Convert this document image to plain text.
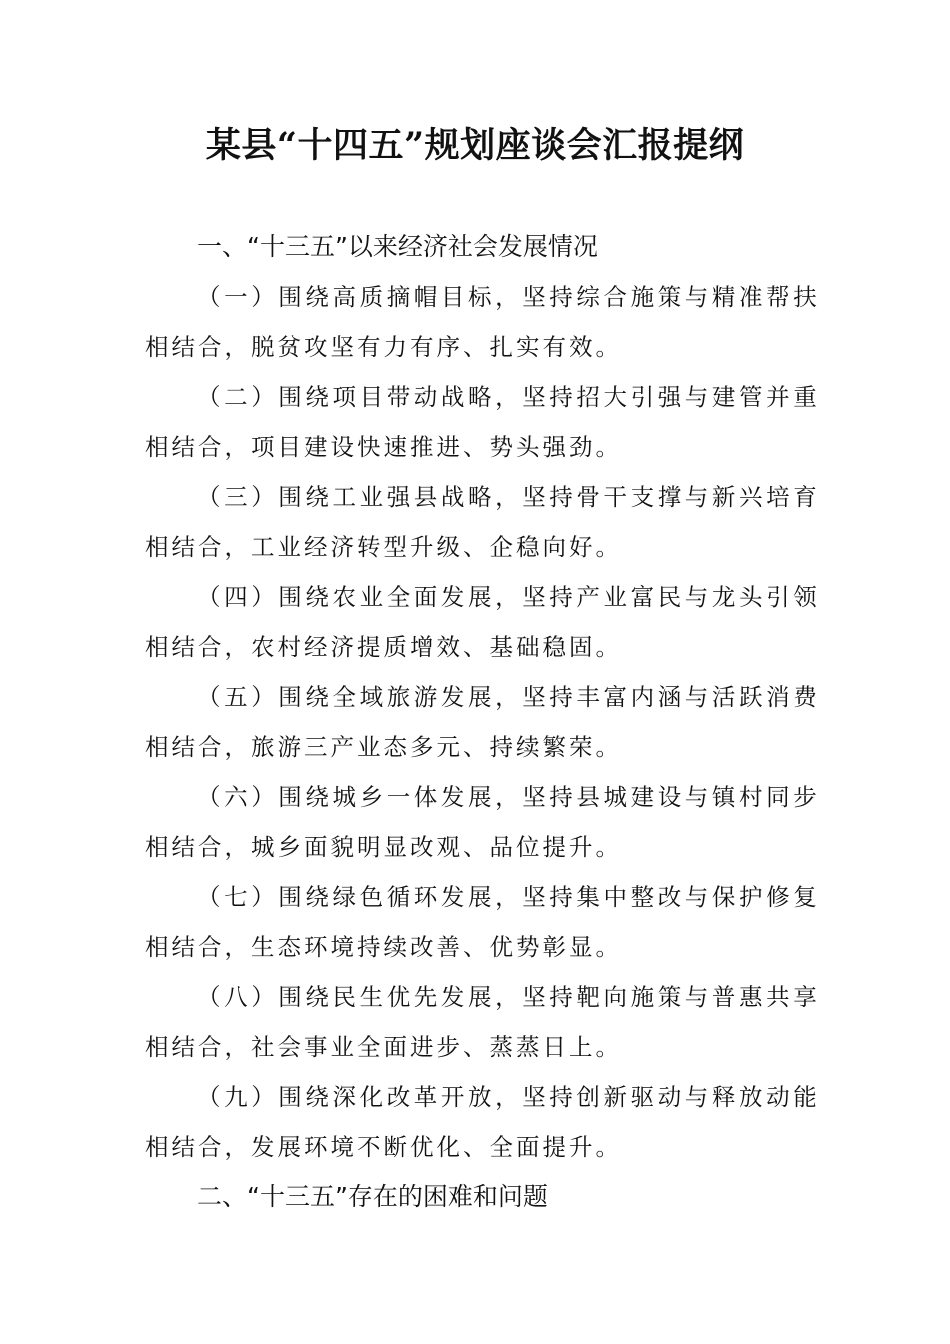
某县“十四五”规划座谈会汇报提纲
一、“十三五”以来经济社会发展情况
（一）围绕高质摘帽目标，坚持综合施策与精准帮扶
相结合，脱贫攻坚有力有序、扎实有效。
（二）围绕项目带动战略，坚持招大引强与建管并重
相结合，项目建设快速推进、势头强劲。
（三）围绕工业强县战略，坚持骨干支撑与新兴培育
相结合，工业经济转型升级、企稳向好。
（四）围绕农业全面发展，坚持产业富民与龙头引领
相结合，农村经济提质增效、基础稳固。
（五）围绕全域旅游发展，坚持丰富内涵与活跃消费
相结合，旅游三产业态多元、持续繁荣。
（六）围绕城乡一体发展，坚持县城建设与镇村同步
相结合，城乡面貌明显改观、品位提升。
（七）围绕绿色循环发展，坚持集中整改与保护修复
相结合，生态环境持续改善、优势彰显。
（八）围绕民生优先发展，坚持靶向施策与普惠共享
相结合，社会事业全面进步、蒸蒸日上。
（九）围绕深化改革开放，坚持创新驱动与释放动能
相结合，发展环境不断优化、全面提升。
二、“十三五”存在的困难和问题
